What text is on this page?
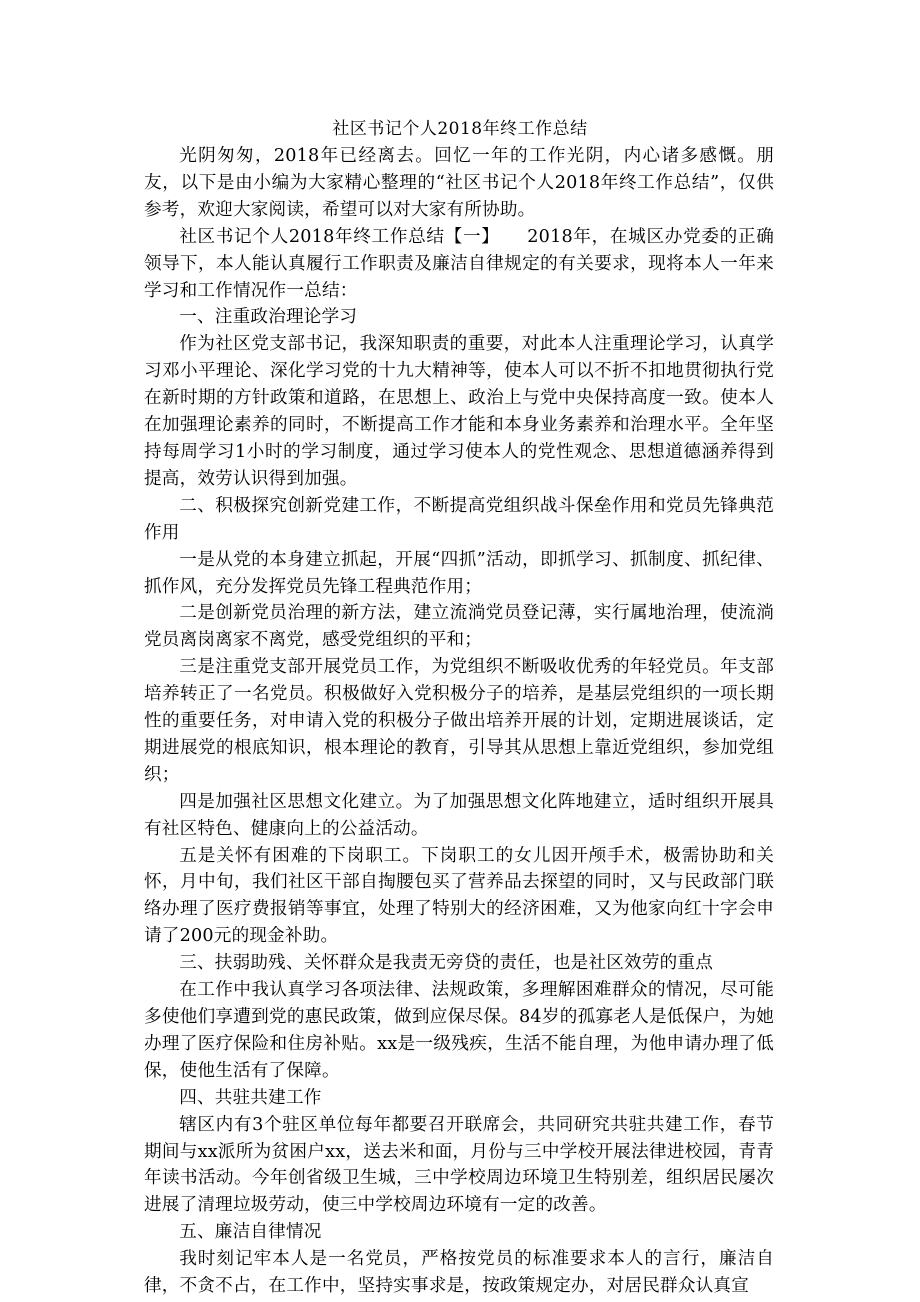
社区书记个人2018年终工作总结

光阴匆匆，2018年已经离去。回忆一年的工作光阴，内心诸多感慨。朋友，以下是由小编为大家精心整理的“社区书记个人2018年终工作总结”，仅供参考，欢迎大家阅读，希望可以对大家有所协助。

社区书记个人2018年终工作总结【一】　　2018年，在城区办党委的正确领导下，本人能认真履行工作职责及廉洁自律规定的有关要求，现将本人一年来学习和工作情况作一总结：

一、注重政治理论学习

作为社区党支部书记，我深知职责的重要，对此本人注重理论学习，认真学习邓小平理论、深化学习党的十九大精神等，使本人可以不折不扣地贯彻执行党在新时期的方针政策和道路，在思想上、政治上与党中央保持高度一致。使本人在加强理论素养的同时，不断提高工作才能和本身业务素养和治理水平。全年坚持每周学习1小时的学习制度，通过学习使本人的党性观念、思想道德涵养得到提高，效劳认识得到加强。

二、积极探究创新党建工作，不断提高党组织战斗保垒作用和党员先锋典范作用

一是从党的本身建立抓起，开展“四抓”活动，即抓学习、抓制度、抓纪律、抓作风，充分发挥党员先锋工程典范作用；

二是创新党员治理的新方法，建立流淌党员登记薄，实行属地治理，使流淌党员离岗离家不离党，感受党组织的平和；

三是注重党支部开展党员工作，为党组织不断吸收优秀的年轻党员。年支部培养转正了一名党员。积极做好入党积极分子的培养，是基层党组织的一项长期性的重要任务，对申请入党的积极分子做出培养开展的计划，定期进展谈话，定期进展党的根底知识，根本理论的教育，引导其从思想上靠近党组织，参加党组织；

四是加强社区思想文化建立。为了加强思想文化阵地建立，适时组织开展具有社区特色、健康向上的公益活动。

五是关怀有困难的下岗职工。下岗职工的女儿因开颅手术，极需协助和关怀，月中旬，我们社区干部自掏腰包买了营养品去探望的同时，又与民政部门联络办理了医疗费报销等事宜，处理了特别大的经济困难，又为他家向红十字会申请了200元的现金补助。

三、扶弱助残、关怀群众是我责无旁贷的责任，也是社区效劳的重点

在工作中我认真学习各项法律、法规政策，多理解困难群众的情况，尽可能多使他们享遭到党的惠民政策，做到应保尽保。84岁的孤寡老人是低保户，为她办理了医疗保险和住房补贴。xx是一级残疾，生活不能自理，为他申请办理了低保，使他生活有了保障。

四、共驻共建工作

辖区内有3个驻区单位每年都要召开联席会，共同研究共驻共建工作，春节期间与xx派所为贫困户xx，送去米和面，月份与三中学校开展法律进校园，青青年读书活动。今年创省级卫生城，三中学校周边环境卫生特别差，组织居民屡次进展了清理垃圾劳动，使三中学校周边环境有一定的改善。

五、廉洁自律情况

我时刻记牢本人是一名党员，严格按党员的标准要求本人的言行，廉洁自律，不贪不占，在工作中，坚持实事求是，按政策规定办，对居民群众认真宣
